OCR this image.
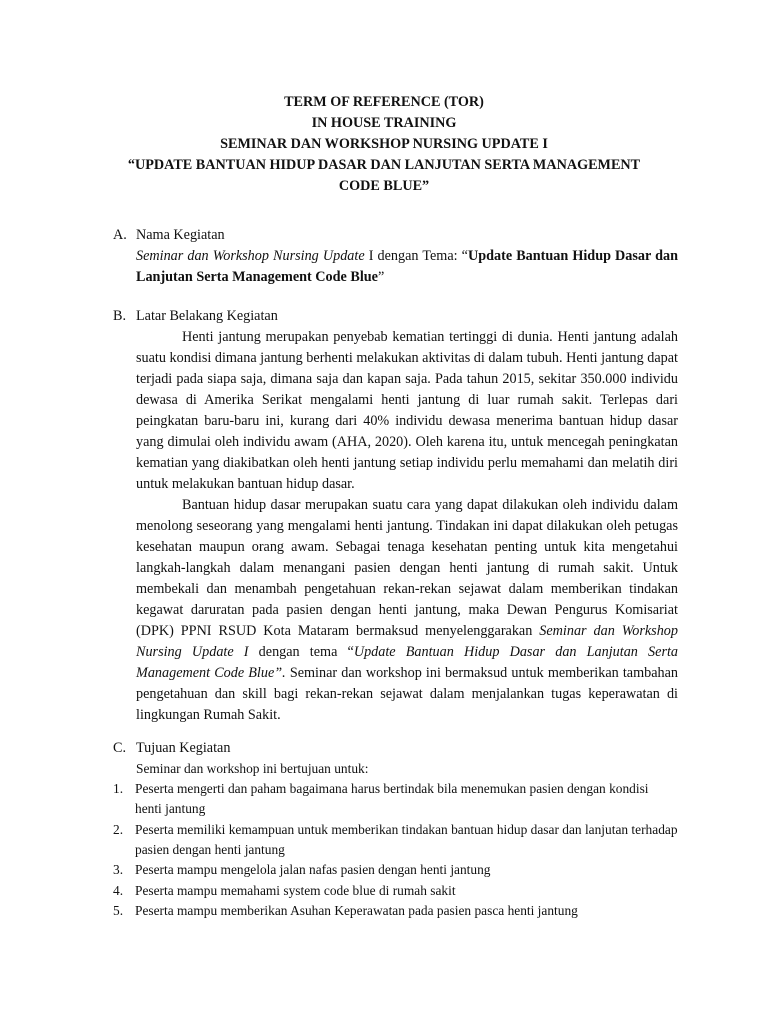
TERM OF REFERENCE (TOR)
IN HOUSE TRAINING
SEMINAR DAN WORKSHOP NURSING UPDATE I
“UPDATE BANTUAN HIDUP DASAR DAN LANJUTAN SERTA MANAGEMENT
CODE BLUE”
A. Nama Kegiatan
Seminar dan Workshop Nursing Update I dengan Tema: “Update Bantuan Hidup Dasar dan Lanjutan Serta Management Code Blue”
B. Latar Belakang Kegiatan
Henti jantung merupakan penyebab kematian tertinggi di dunia. Henti jantung adalah suatu kondisi dimana jantung berhenti melakukan aktivitas di dalam tubuh. Henti jantung dapat terjadi pada siapa saja, dimana saja dan kapan saja. Pada tahun 2015, sekitar 350.000 individu dewasa di Amerika Serikat mengalami henti jantung di luar rumah sakit. Terlepas dari peingkatan baru-baru ini, kurang dari 40% individu dewasa menerima bantuan hidup dasar yang dimulai oleh individu awam (AHA, 2020). Oleh karena itu, untuk mencegah peningkatan kematian yang diakibatkan oleh henti jantung setiap individu perlu memahami dan melatih diri untuk melakukan bantuan hidup dasar.
Bantuan hidup dasar merupakan suatu cara yang dapat dilakukan oleh individu dalam menolong seseorang yang mengalami henti jantung. Tindakan ini dapat dilakukan oleh petugas kesehatan maupun orang awam. Sebagai tenaga kesehatan penting untuk kita mengetahui langkah-langkah dalam menangani pasien dengan henti jantung di rumah sakit. Untuk membekali dan menambah pengetahuan rekan-rekan sejawat dalam memberikan tindakan kegawat daruratan pada pasien dengan henti jantung, maka Dewan Pengurus Komisariat (DPK) PPNI RSUD Kota Mataram bermaksud menyelenggarakan Seminar dan Workshop Nursing Update I dengan tema “Update Bantuan Hidup Dasar dan Lanjutan Serta Management Code Blue”. Seminar dan workshop ini bermaksud untuk memberikan tambahan pengetahuan dan skill bagi rekan-rekan sejawat dalam menjalankan tugas keperawatan di lingkungan Rumah Sakit.
C. Tujuan Kegiatan
Seminar dan workshop ini bertujuan untuk:
1. Peserta mengerti dan paham bagaimana harus bertindak bila menemukan pasien dengan kondisi henti jantung
2. Peserta memiliki kemampuan untuk memberikan tindakan bantuan hidup dasar dan lanjutan terhadap pasien dengan henti jantung
3. Peserta mampu mengelola jalan nafas pasien dengan henti jantung
4. Peserta mampu memahami system code blue di rumah sakit
5. Peserta mampu memberikan Asuhan Keperawatan pada pasien pasca henti jantung
